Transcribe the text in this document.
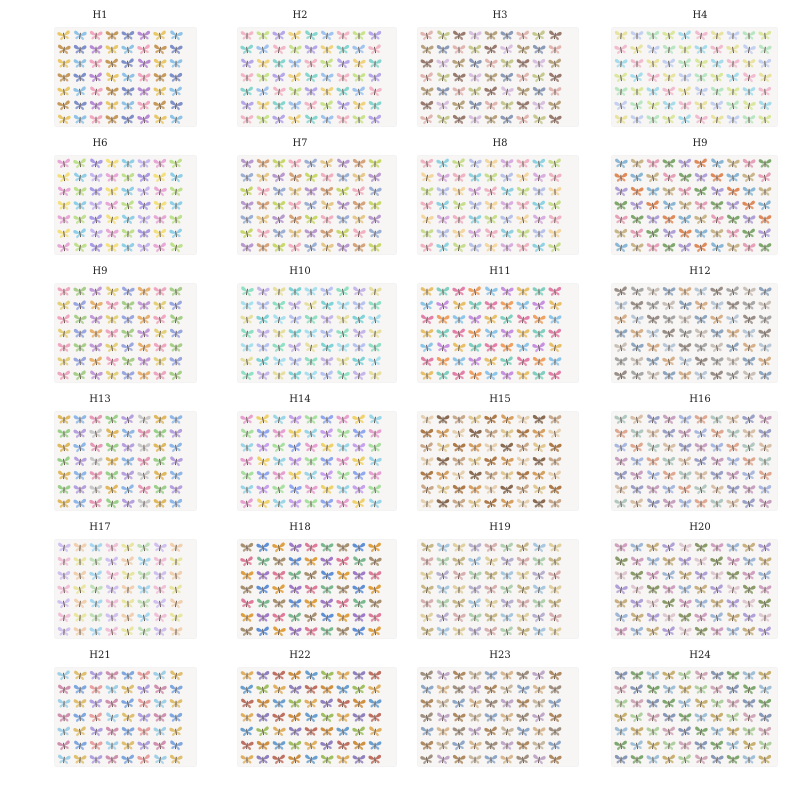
H1	H2	H3	H4
H6	H7	H8	H9
H9	H10	H11	H12
H13	H14	H15	H16
H17	H18	H19	H20
H21	H22	H23	H24
